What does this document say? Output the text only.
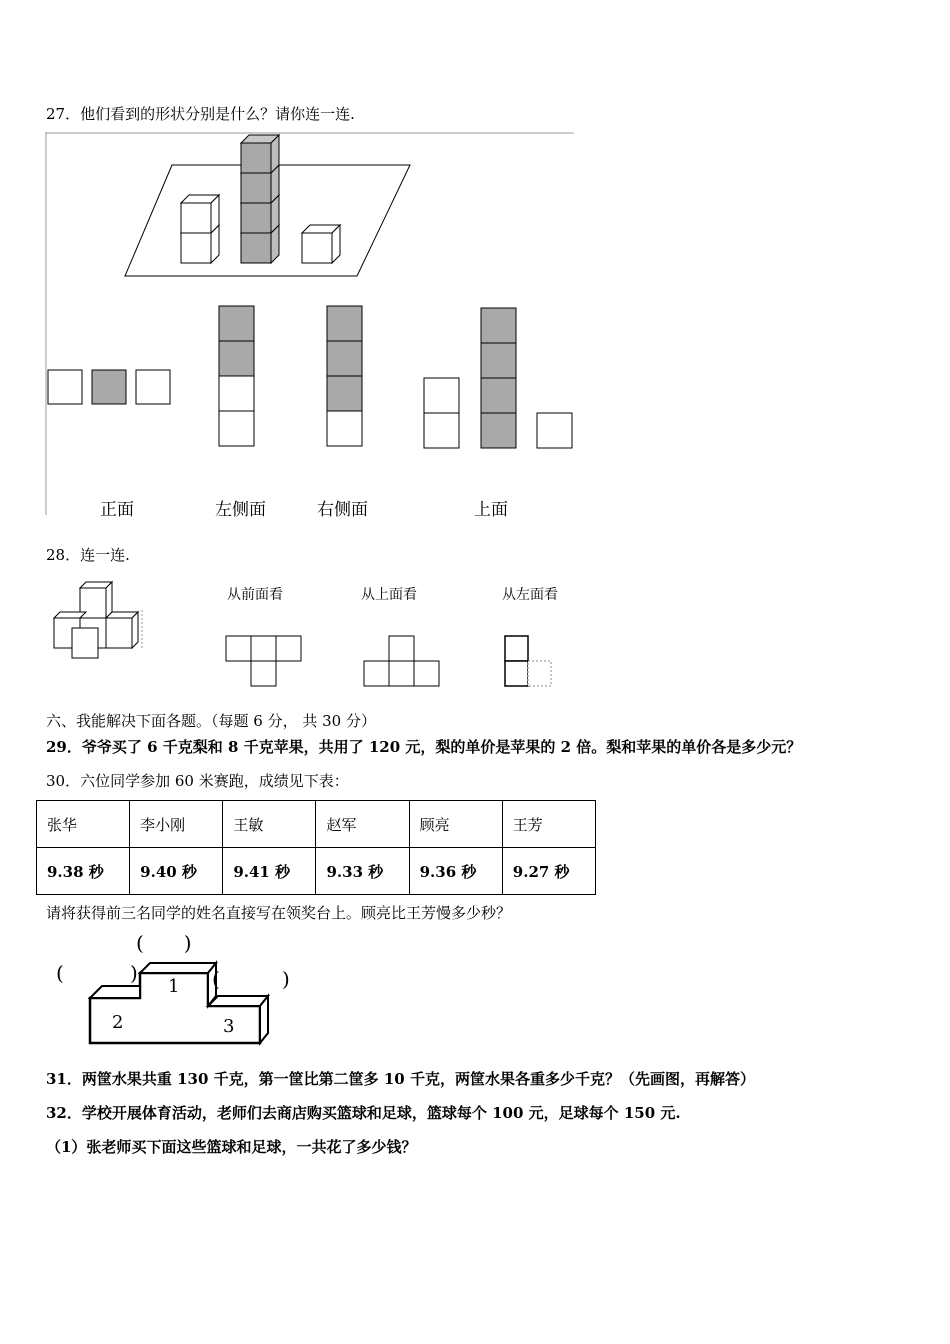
27．他们看到的形状分别是什么？请你连一连.
正面	左侧面	右侧面	上面
28．连一连.
从前面看	从上面看	从左面看
六、我能解决下面各题。（每题 6 分， 共 30 分）
29．爷爷买了 6 千克梨和 8 千克苹果，共用了 120 元，梨的单价是苹果的 2 倍。梨和苹果的单价各是多少元？
30．六位同学参加 60 米赛跑，成绩见下表：
张华	李小刚	王敏	赵军	顾亮	王芳
9.38 秒	9.40 秒	9.41 秒	9.33 秒	9.36 秒	9.27 秒
请将获得前三名同学的姓名直接写在领奖台上。顾亮比王芳慢多少秒？
1
2	3
(　　)
(	)	(	)
31．两筐水果共重 130 千克，第一筐比第二筐多 10 千克，两筐水果各重多少千克？（先画图，再解答）
32．学校开展体育活动，老师们去商店购买篮球和足球，篮球每个 100 元，足球每个 150 元.
（1）张老师买下面这些篮球和足球，一共花了多少钱？
